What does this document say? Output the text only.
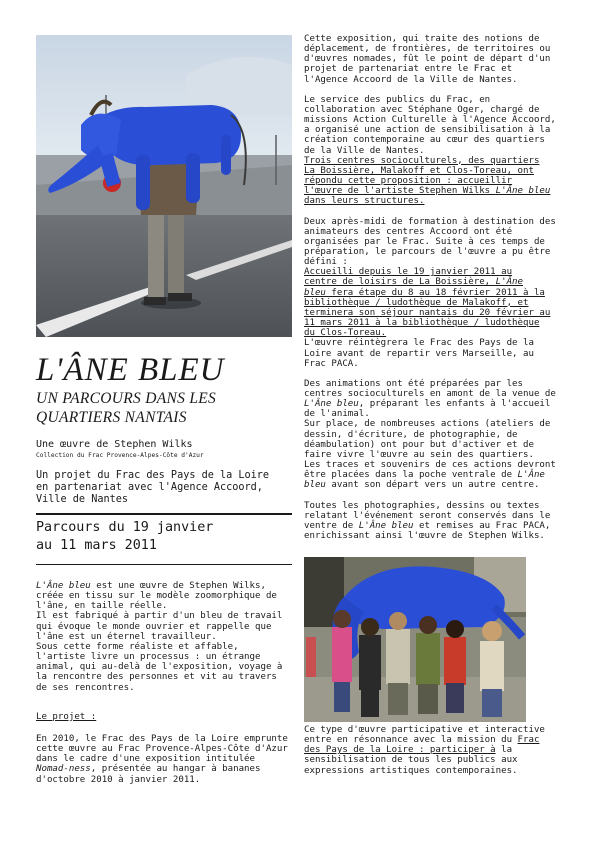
L'ÂNE BLEU
UN PARCOURS DANS LES
QUARTIERS NANTAIS
Une œuvre de Stephen Wilks
Collection du Frac Provence-Alpes-Côte d'Azur
Un projet du Frac des Pays de la Loire en partenariat avec l'Agence Accoord, Ville de Nantes
Parcours du 19 janvier
au 11 mars 2011

L'Âne bleu est une œuvre de Stephen Wilks, créée en tissu sur le modèle zoomorphique de l'âne, en taille réelle.

Il est fabriqué à partir d'un bleu de travail qui évoque le monde ouvrier et rappelle que l'âne est un éternel travailleur.

Sous cette forme réaliste et affable, l'artiste livre un processus : un étrange animal, qui au-delà de l'exposition, voyage à la rencontre des personnes et vit au travers de ses rencontres.

Le projet :

En 2010, le Frac des Pays de la Loire emprunte cette œuvre au Frac Provence-Alpes-Côte d'Azur dans le cadre d'une exposition intitulée Nomad-ness, présentée au hangar à bananes d'octobre 2010 à janvier 2011.

Cette exposition, qui traite des notions de déplacement, de frontières, de territoires ou d'œuvres nomades, fût le point de départ d'un projet de partenariat entre le Frac et l'Agence Accoord de la Ville de Nantes.

Le service des publics du Frac, en collaboration avec Stéphane Oger, chargé de missions Action Culturelle à l'Agence Accoord, a organisé une action de sensibilisation à la création contemporaine au cœur des quartiers de la Ville de Nantes.
Trois centres socioculturels, des quartiers
La Boissière, Malakoff et Clos-Toreau, ont
répondu cette proposition : accueillir
l'œuvre de l'artiste Stephen Wilks L'Âne bleu
dans leurs structures.

Deux après-midi de formation à destination des animateurs des centres Accoord ont été organisées par le Frac. Suite à ces temps de préparation, le parcours de l'œuvre a pu être défini :
Accueilli depuis le 19 janvier 2011 au
centre de loisirs de La Boissière, L'Âne
bleu fera étape du 8 au 18 février 2011 à la
bibliothèque / ludothèque de Malakoff, et
terminera son séjour nantais du 20 février au
11 mars 2011 à la bibliothèque / ludothèque
du Clos-Toreau.
L'œuvre réintègrera le Frac des Pays de la Loire avant de repartir vers Marseille, au Frac PACA.

Des animations ont été préparées par les centres socioculturels en amont de la venue de L'Âne bleu, préparant les enfants à l'accueil de l'animal.
Sur place, de nombreuses actions (ateliers de dessin, d'écriture, de photographie, de déambulation) ont pour but d'activer et de faire vivre l'œuvre au sein des quartiers.
Les traces et souvenirs de ces actions devront être placées dans la poche ventrale de L'Âne bleu avant son départ vers un autre centre.

Toutes les photographies, dessins ou textes relatant l'événement seront conservés dans le ventre de L'Âne bleu et remises au Frac PACA, enrichissant ainsi l'œuvre de Stephen Wilks.

Ce type d'œuvre participative et interactive entre en résonnance avec la mission du Frac des Pays de la Loire : participer à la sensibilisation de tous les publics aux expressions artistiques contemporaines.
